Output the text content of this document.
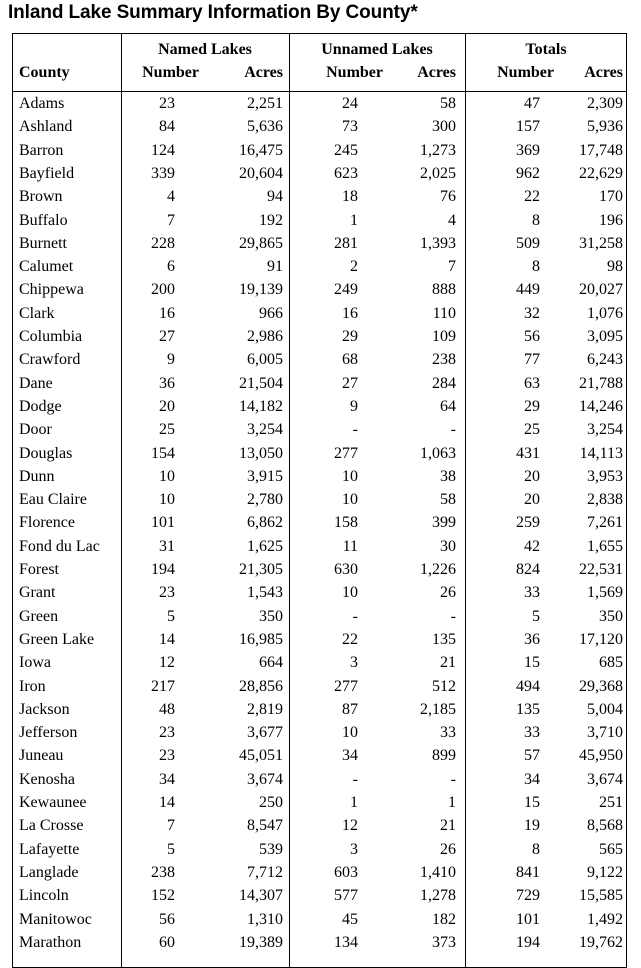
Inland Lake Summary Information By County*
Named Lakes	Unnamed Lakes	Totals
County	Number	Acres	Number Acres	Number Acres
Adams	23	2,251	24	58	47	2,309
Ashland	84	5,636	73	300	157	5,936
Barron	124	16,475	245	1,273	369 17,748
Bayfield	339	20,604	623	2,025	962 22,629
Brown	4	94	18	76	22	170
Buffalo	7	192	1	4	8	196
Burnett	228	29,865	281	1,393	509 31,258
Calumet	6	91	2	7	8	98
Chippewa	200	19,139	249	888	449 20,027
Clark	16	966	16	110	32	1,076
Columbia	27	2,986	29	109	56	3,095
Crawford	9	6,005	68	238	77	6,243
Dane	36	21,504	27	284	63 21,788
Dodge	20	14,182	9	64	29 14,246
Door	25	3,254	-	-	25	3,254
Douglas	154	13,050	277	1,063	431 14,113
Dunn	10	3,915	10	38	20	3,953
Eau Claire	10	2,780	10	58	20	2,838
Florence	101	6,862	158	399	259	7,261
Fond du Lac	31	1,625	11	30	42	1,655
Forest	194	21,305	630	1,226	824 22,531
Grant	23	1,543	10	26	33	1,569
Green	5	350	-	-	5	350
Green Lake	14	16,985	22	135	36 17,120
Iowa	12	664	3	21	15	685
Iron	217	28,856	277	512	494 29,368
Jackson	48	2,819	87	2,185	135	5,004
Jefferson	23	3,677	10	33	33	3,710
Juneau	23	45,051	34	899	57 45,950
Kenosha	34	3,674	-	-	34	3,674
Kewaunee	14	250	1	1	15	251
La Crosse	7	8,547	12	21	19	8,568
Lafayette	5	539	3	26	8	565
Langlade	238	7,712	603	1,410	841	9,122
Lincoln	152	14,307	577	1,278	729 15,585
Manitowoc	56	1,310	45	182	101	1,492
Marathon	60	19,389	134	373	194 19,762
